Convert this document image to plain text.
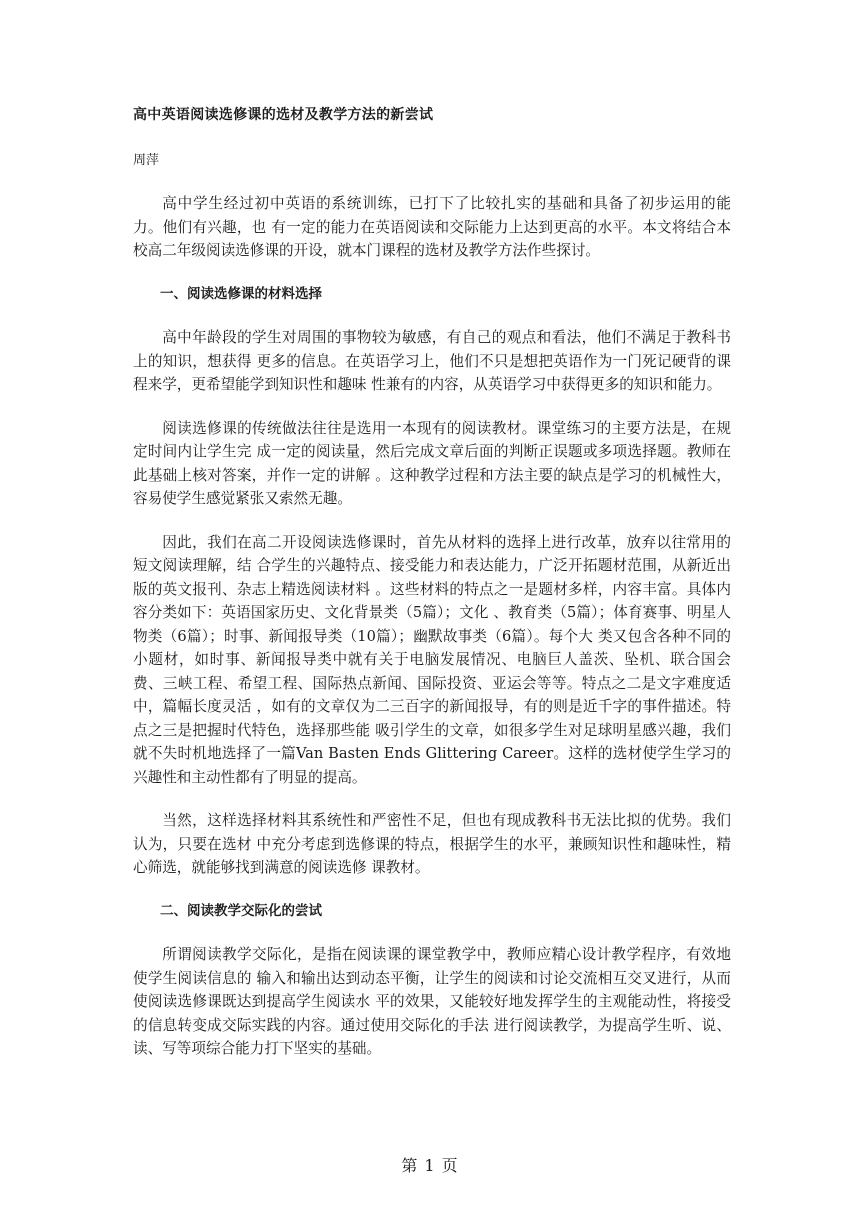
高中英语阅读选修课的选材及教学方法的新尝试
周萍

高中学生经过初中英语的系统训练，已打下了比较扎实的基础和具备了初步运用的能力。他们有兴趣，也 有一定的能力在英语阅读和交际能力上达到更高的水平。本文将结合本校高二年级阅读选修课的开设，就本门课程的选材及教学方法作些探讨。

一、阅读选修课的材料选择

高中年龄段的学生对周围的事物较为敏感，有自己的观点和看法，他们不满足于教科书上的知识，想获得 更多的信息。在英语学习上，他们不只是想把英语作为一门死记硬背的课程来学，更希望能学到知识性和趣味 性兼有的内容，从英语学习中获得更多的知识和能力。

阅读选修课的传统做法往往是选用一本现有的阅读教材。课堂练习的主要方法是，在规定时间内让学生完 成一定的阅读量，然后完成文章后面的判断正误题或多项选择题。教师在此基础上核对答案，并作一定的讲解 。这种教学过程和方法主要的缺点是学习的机械性大，容易使学生感觉紧张又索然无趣。

因此，我们在高二开设阅读选修课时，首先从材料的选择上进行改革，放弃以往常用的短文阅读理解，结 合学生的兴趣特点、接受能力和表达能力，广泛开拓题材范围，从新近出版的英文报刊、杂志上精选阅读材料 。这些材料的特点之一是题材多样，内容丰富。具体内容分类如下：英语国家历史、文化背景类（5篇）；文化 、教育类（5篇）；体育赛事、明星人物类（6篇）；时事、新闻报导类（10篇）；幽默故事类（6篇）。每个大 类又包含各种不同的小题材，如时事、新闻报导类中就有关于电脑发展情况、电脑巨人盖茨、坠机、联合国会 费、三峡工程、希望工程、国际热点新闻、国际投资、亚运会等等。特点之二是文字难度适中，篇幅长度灵活 ，如有的文章仅为二三百字的新闻报导，有的则是近千字的事件描述。特点之三是把握时代特色，选择那些能 吸引学生的文章，如很多学生对足球明星感兴趣，我们就不失时机地选择了一篇Van Basten Ends Glittering Career。这样的选材使学生学习的兴趣性和主动性都有了明显的提高。

当然，这样选择材料其系统性和严密性不足，但也有现成教科书无法比拟的优势。我们认为，只要在选材 中充分考虑到选修课的特点，根据学生的水平，兼顾知识性和趣味性，精心筛选，就能够找到满意的阅读选修 课教材。

二、阅读教学交际化的尝试

所谓阅读教学交际化，是指在阅读课的课堂教学中，教师应精心设计教学程序，有效地使学生阅读信息的 输入和输出达到动态平衡，让学生的阅读和讨论交流相互交叉进行，从而使阅读选修课既达到提高学生阅读水 平的效果，又能较好地发挥学生的主观能动性，将接受的信息转变成交际实践的内容。通过使用交际化的手法 进行阅读教学，为提高学生听、说、读、写等项综合能力打下坚实的基础。

第 1 页
